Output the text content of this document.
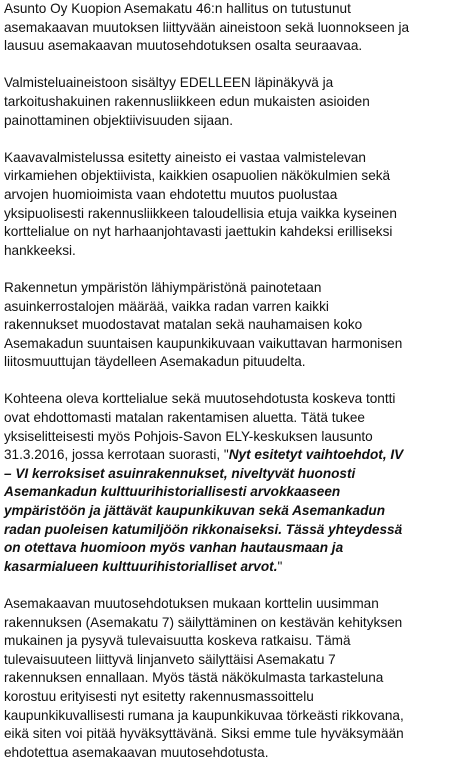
Asunto Oy Kuopion Asemakatu 46:n hallitus on tutustunut
asemakaavan muutoksen liittyvään aineistoon sekä luonnokseen ja
lausuu asemakaavan muutosehdotuksen osalta seuraavaa.

Valmisteluaineistoon sisältyy EDELLEEN läpinäkyvä ja
tarkoitushakuinen rakennusliikkeen edun mukaisten asioiden
painottaminen objektiivisuuden sijaan.

Kaavavalmistelussa esitetty aineisto ei vastaa valmistelevan
virkamiehen objektiivista, kaikkien osapuolien näkökulmien sekä
arvojen huomioimista vaan ehdotettu muutos puolustaa
yksipuolisesti rakennusliikkeen taloudellisia etuja vaikka kyseinen
korttelialue on nyt harhaanjohtavasti jaettukin kahdeksi erilliseksi
hankkeeksi.

Rakennetun ympäristön lähiympäristönä painotetaan
asuinkerrostalojen määrää, vaikka radan varren kaikki
rakennukset muodostavat matalan sekä nauhamaisen koko
Asemakadun suuntaisen kaupunkikuvaan vaikuttavan harmonisen
liitosmuuttujan täydelleen Asemakadun pituudelta.

Kohteena oleva korttelialue sekä muutosehdotusta koskeva tontti
ovat ehdottomasti matalan rakentamisen aluetta. Tätä tukee
yksiselitteisesti myös Pohjois-Savon ELY-keskuksen lausunto
31.3.2016, jossa kerrotaan suorasti, "Nyt esitetyt vaihtoehdot, IV
– VI kerroksiset asuinrakennukset, niveltyvät huonosti
Asemankadun kulttuurihistoriallisesti arvokkaaseen
ympäristöön ja jättävät kaupunkikuvan sekä Asemankadun
radan puoleisen katumiljöön rikkonaiseksi. Tässä yhteydessä
on otettava huomioon myös vanhan hautausmaan ja
kasarmialueen kulttuurihistorialliset arvot."

Asemakaavan muutosehdotuksen mukaan korttelin uusimman
rakennuksen (Asemakatu 7) säilyttäminen on kestävän kehityksen
mukainen ja pysyvä tulevaisuutta koskeva ratkaisu. Tämä
tulevaisuuteen liittyvä linjanveto säilyttäisi Asemakatu 7
rakennuksen ennallaan. Myös tästä näkökulmasta tarkasteluna
korostuu erityisesti nyt esitetty rakennusmassoittelu
kaupunkikuvallisesti rumana ja kaupunkikuvaa törkeästi rikkovana,
eikä siten voi pitää hyväksyttävänä. Siksi emme tule hyväksymään
ehdotettua asemakaavan muutosehdotusta.
